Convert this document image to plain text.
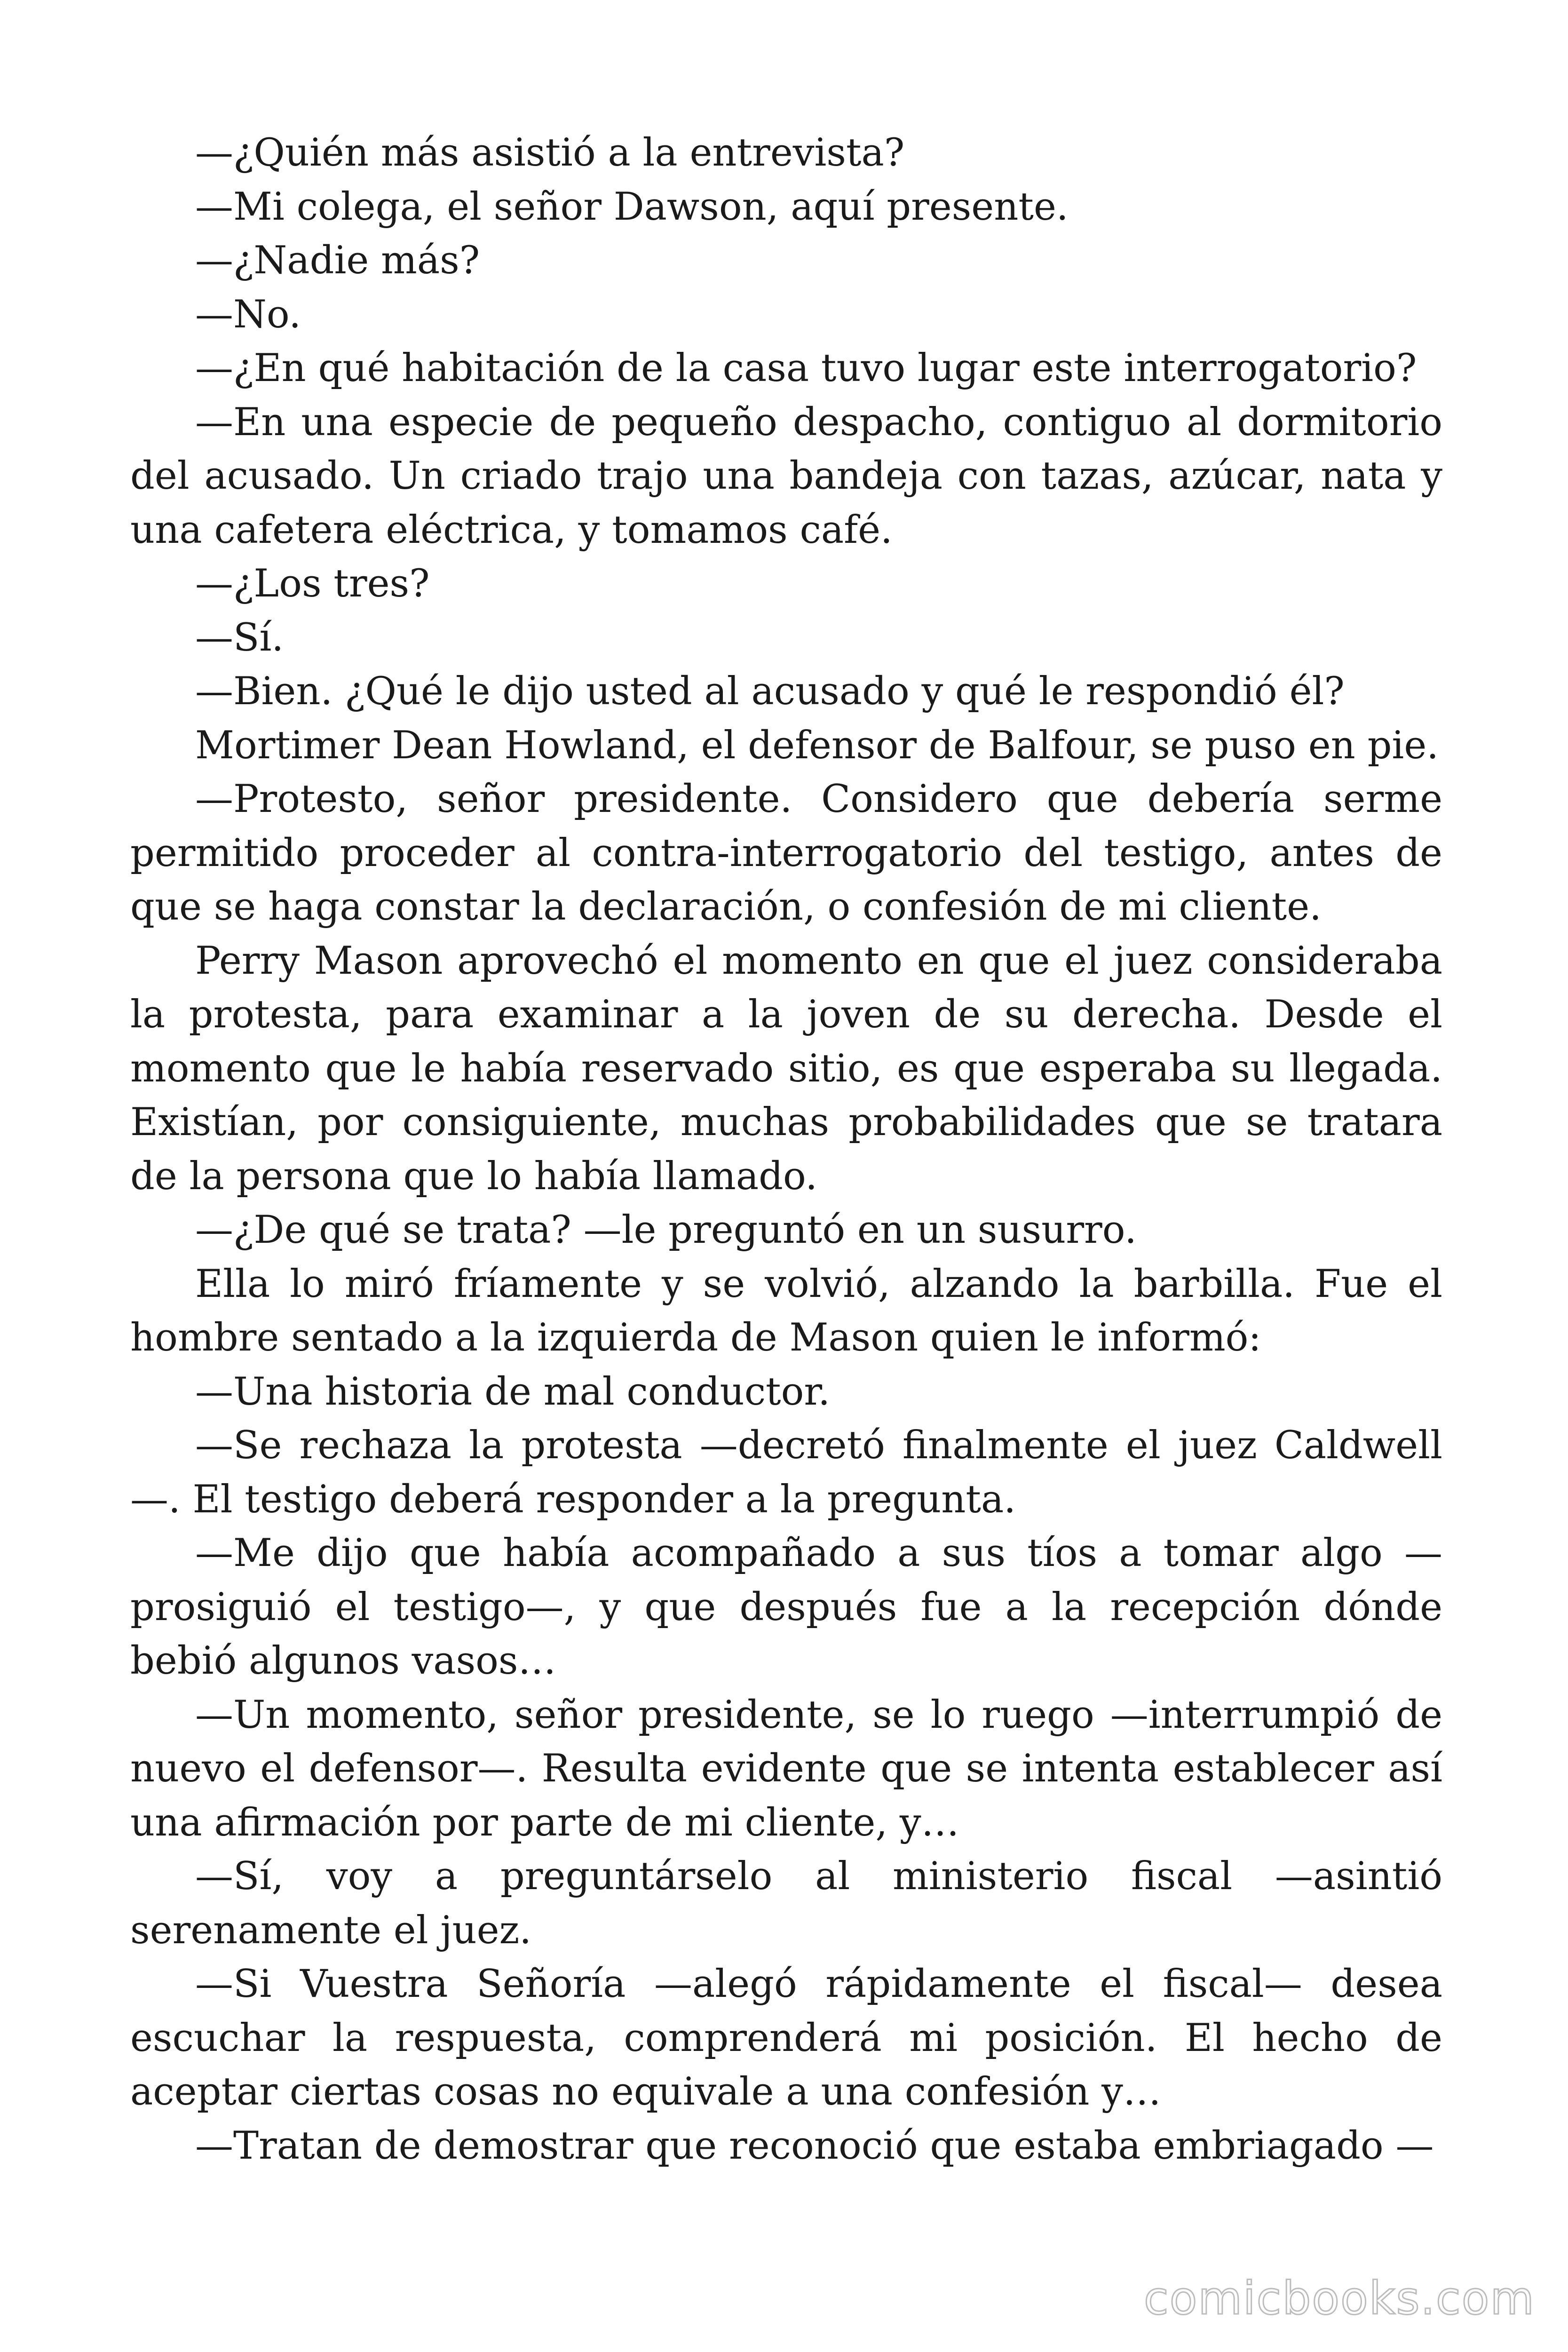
—¿Quién más asistió a la entrevista?

—Mi colega, el señor Dawson, aquí presente.

—¿Nadie más?

—No.

—¿En qué habitación de la casa tuvo lugar este interrogatorio?

—En una especie de pequeño despacho, contiguo al dormitorio del acusado. Un criado trajo una bandeja con tazas, azúcar, nata y una cafetera eléctrica, y tomamos café.

—¿Los tres?

—Sí.

—Bien. ¿Qué le dijo usted al acusado y qué le respondió él?

Mortimer Dean Howland, el defensor de Balfour, se puso en pie.

—Protesto, señor presidente. Considero que debería serme permitido proceder al contra-interrogatorio del testigo, antes de que se haga constar la declaración, o confesión de mi cliente.

Perry Mason aprovechó el momento en que el juez consideraba la protesta, para examinar a la joven de su derecha. Desde el momento que le había reservado sitio, es que esperaba su llegada. Existían, por consiguiente, muchas probabilidades que se tratara de la persona que lo había llamado.

—¿De qué se trata? —le preguntó en un susurro.

Ella lo miró fríamente y se volvió, alzando la barbilla. Fue el hombre sentado a la izquierda de Mason quien le informó:

—Una historia de mal conductor.

—Se rechaza la protesta —decretó finalmente el juez Caldwell —. El testigo deberá responder a la pregunta.

—Me dijo que había acompañado a sus tíos a tomar algo — prosiguió el testigo—, y que después fue a la recepción dónde bebió algunos vasos…

—Un momento, señor presidente, se lo ruego —interrumpió de nuevo el defensor—. Resulta evidente que se intenta establecer así una afirmación por parte de mi cliente, y…

—Sí, voy a preguntárselo al ministerio fiscal —asintió serenamente el juez.

—Si Vuestra Señoría —alegó rápidamente el fiscal— desea escuchar la respuesta, comprenderá mi posición. El hecho de aceptar ciertas cosas no equivale a una confesión y…

—Tratan de demostrar que reconoció que estaba embriagado —

comicbooks.com
